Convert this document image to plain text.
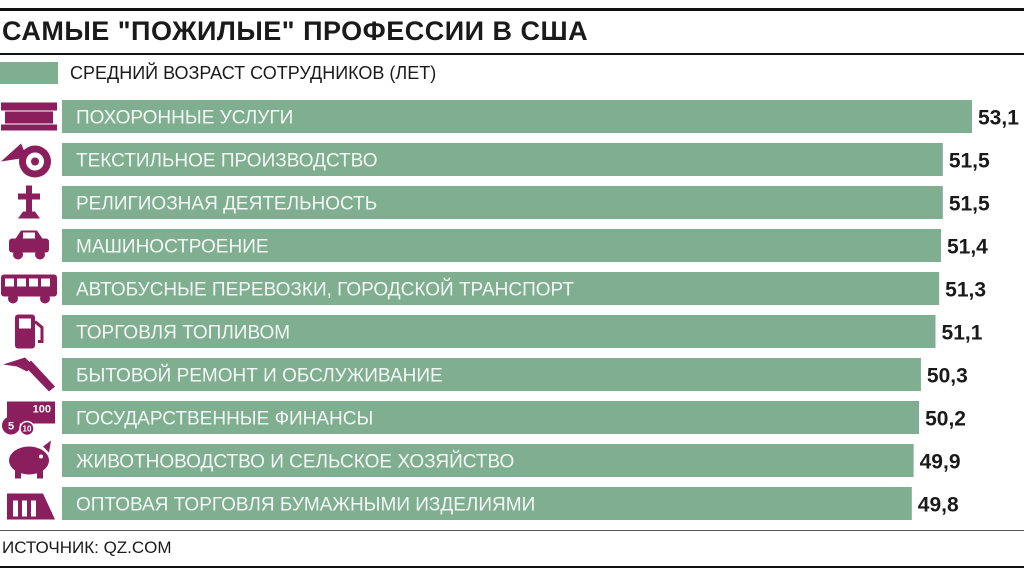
САМЫЕ "ПОЖИЛЫЕ" ПРОФЕССИИ В США
СРЕДНИЙ ВОЗРАСТ СОТРУДНИКОВ (ЛЕТ)
ПОХОРОННЫЕ УСЛУГИ	53,1
ТЕКСТИЛЬНОЕ ПРОИЗВОДСТВО	51,5
РЕЛИГИОЗНАЯ ДЕЯТЕЛЬНОСТЬ	51,5
МАШИНОСТРОЕНИЕ	51,4
АВТОБУСНЫЕ ПЕРЕВОЗКИ, ГОРОДСКОЙ ТРАНСПОРТ	51,3
ТОРГОВЛЯ ТОПЛИВОМ	51,1
БЫТОВОЙ РЕМОНТ И ОБСЛУЖИВАНИЕ	50,3
ГОСУДАРСТВЕННЫЕ ФИНАНСЫ	50,2
100
5 10
ЖИВОТНОВОДСТВО И СЕЛЬСКОЕ ХОЗЯЙСТВО	49,9
ОПТОВАЯ ТОРГОВЛЯ БУМАЖНЫМИ ИЗДЕЛИЯМИ	49,8
ИСТОЧНИК: QZ.COM
